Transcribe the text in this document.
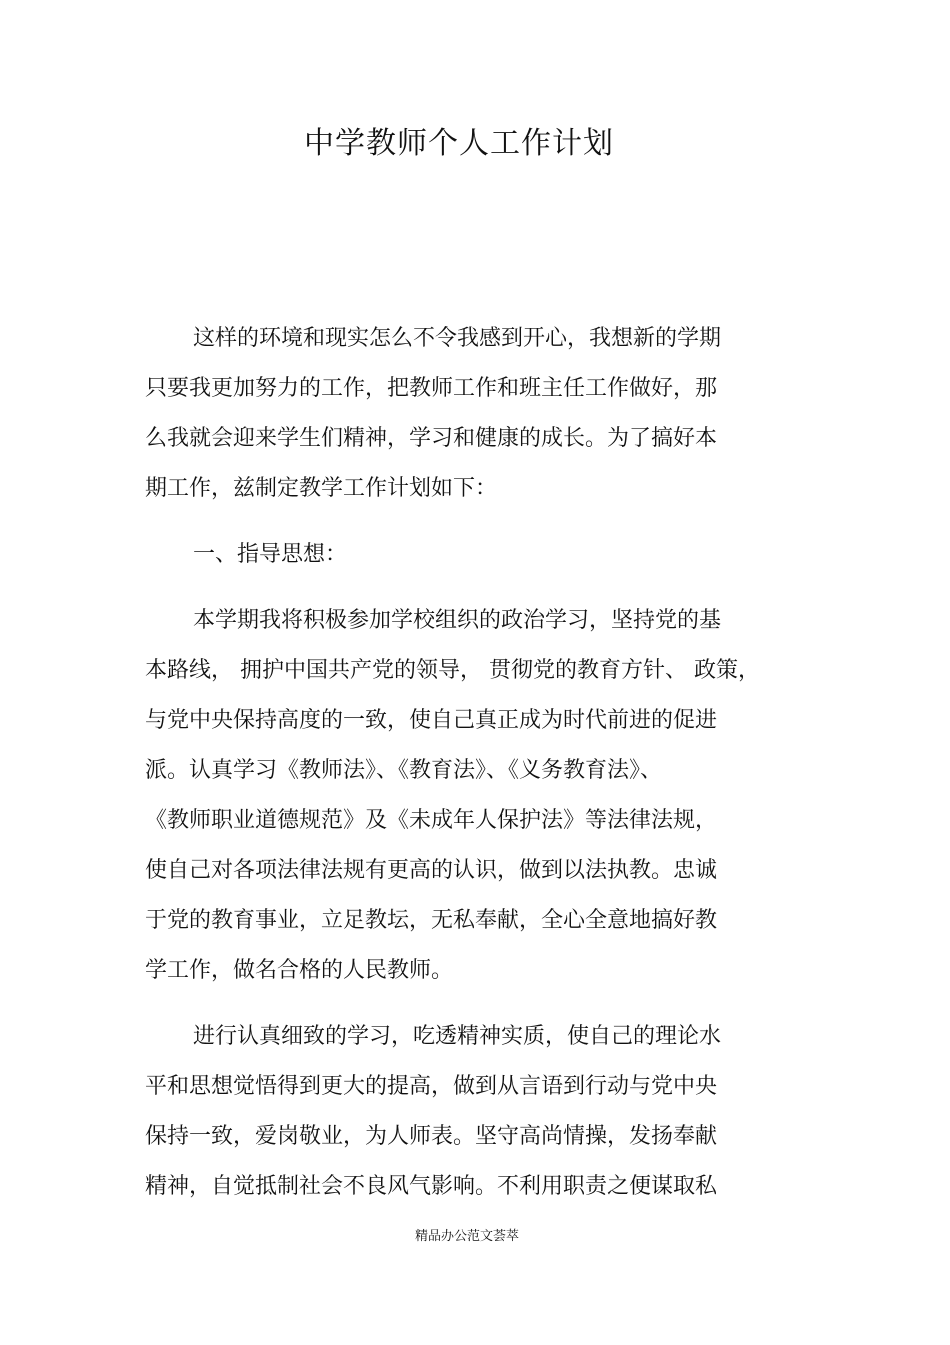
中学教师个人工作计划
这样的环境和现实怎么不令我感到开心，我想新的学期
只要我更加努力的工作，把教师工作和班主任工作做好，那
么我就会迎来学生们精神，学习和健康的成长。为了搞好本
期工作，兹制定教学工作计划如下：
一、指导思想：
本学期我将积极参加学校组织的政治学习，坚持党的基
本路线， 拥护中国共产党的领导， 贯彻党的教育方针、 政策，
与党中央保持高度的一致，使自己真正成为时代前进的促进
派。认真学习《教师法》、《教育法》、《义务教育法》、
《教师职业道德规范》及《未成年人保护法》等法律法规，
使自己对各项法律法规有更高的认识，做到以法执教。忠诚
于党的教育事业，立足教坛，无私奉献，全心全意地搞好教
学工作，做名合格的人民教师。
进行认真细致的学习，吃透精神实质，使自己的理论水
平和思想觉悟得到更大的提高，做到从言语到行动与党中央
保持一致，爱岗敬业，为人师表。坚守高尚情操，发扬奉献
精神，自觉抵制社会不良风气影响。不利用职责之便谋取私
精品办公范文荟萃
